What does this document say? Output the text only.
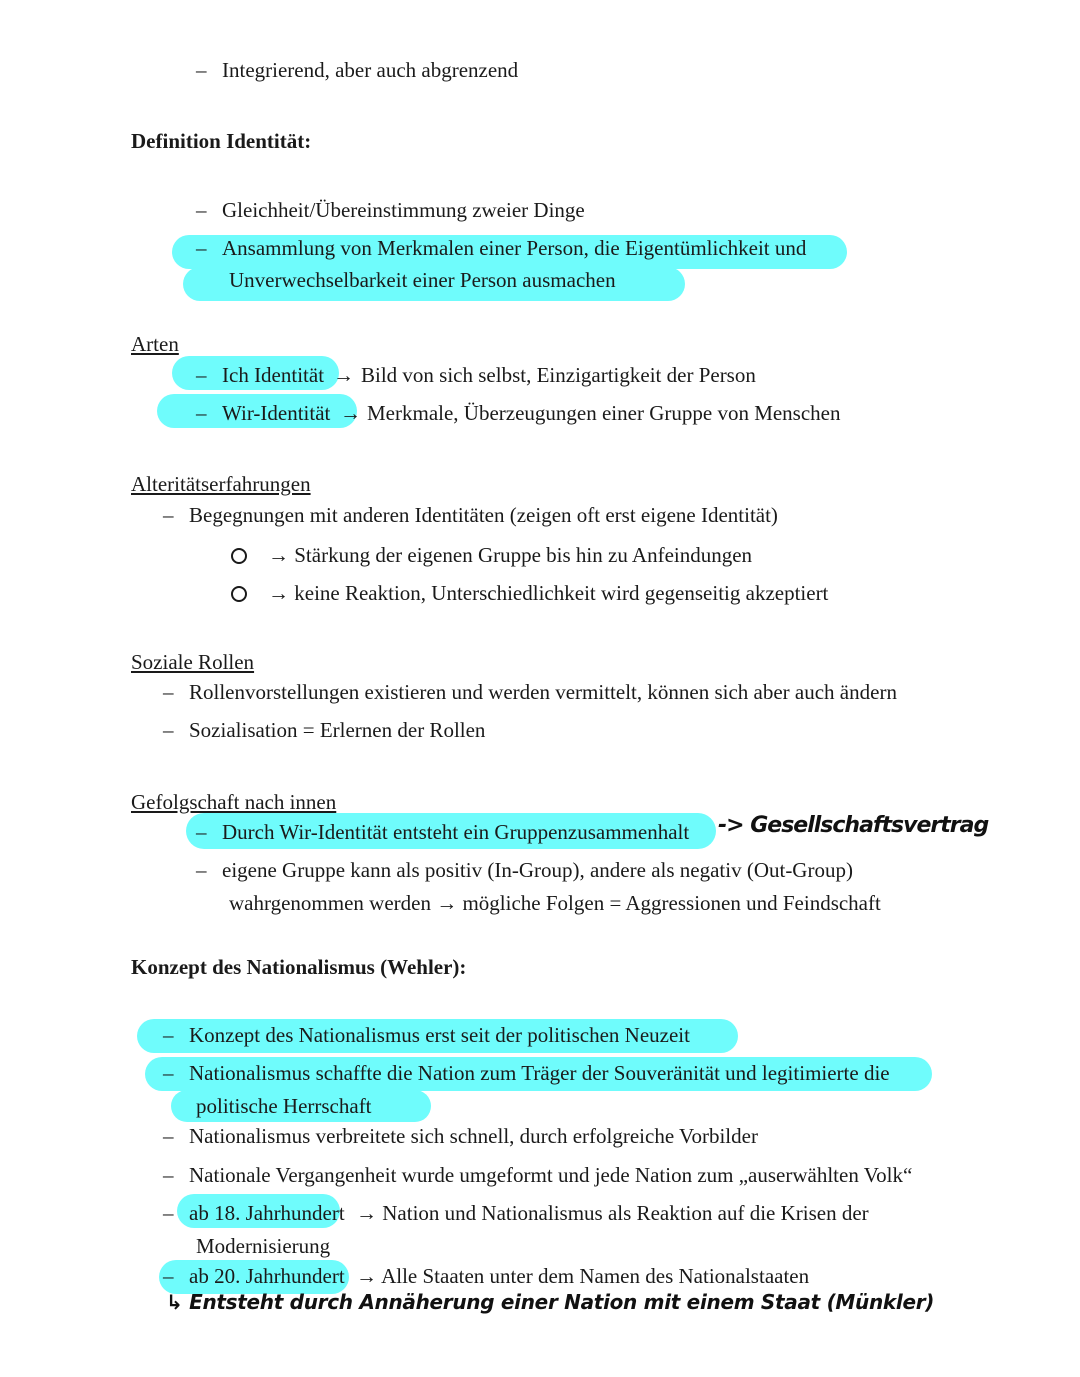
– Integrierend, aber auch abgrenzend
Definition Identität:
– Gleichheit/Übereinstimmung zweier Dinge
– Ansammlung von Merkmalen einer Person, die Eigentümlichkeit und
Unverwechselbarkeit einer Person ausmachen
Arten
– Ich Identität → Bild von sich selbst, Einzigartigkeit der Person
– Wir-Identität → Merkmale, Überzeugungen einer Gruppe von Menschen
Alteritätserfahrungen
– Begegnungen mit anderen Identitäten (zeigen oft erst eigene Identität)
→ Stärkung der eigenen Gruppe bis hin zu Anfeindungen
→ keine Reaktion, Unterschiedlichkeit wird gegenseitig akzeptiert
Soziale Rollen
– Rollenvorstellungen existieren und werden vermittelt, können sich aber auch ändern
– Sozialisation = Erlernen der Rollen
Gefolgschaft nach innen
– Durch Wir-Identität entsteht ein Gruppenzusammenhalt -> Gesellschaftsvertrag
– eigene Gruppe kann als positiv (In-Group), andere als negativ (Out-Group)
wahrgenommen werden → mögliche Folgen = Aggressionen und Feindschaft
Konzept des Nationalismus (Wehler):
– Konzept des Nationalismus erst seit der politischen Neuzeit
– Nationalismus schaffte die Nation zum Träger der Souveränität und legitimierte die
politische Herrschaft
– Nationalismus verbreitete sich schnell, durch erfolgreiche Vorbilder
– Nationale Vergangenheit wurde umgeformt und jede Nation zum „auserwählten Volk“
– ab 18. Jahrhundert → Nation und Nationalismus als Reaktion auf die Krisen der
Modernisierung
– ab 20. Jahrhundert → Alle Staaten unter dem Namen des Nationalstaaten
↳ Entsteht durch Annäherung einer Nation mit einem Staat (Münkler)
